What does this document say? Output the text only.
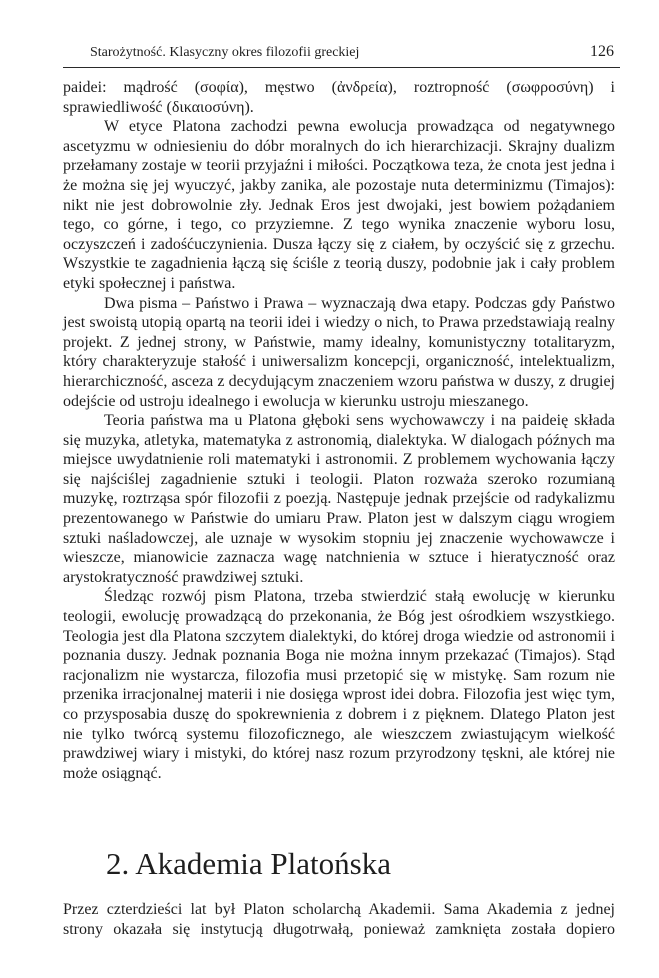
Starożytność. Klasyczny okres filozofii greckiej	126

paidei: mądrość (σοφία), męstwo (ἀνδρεία), roztropność (σωφροσύνη) i sprawiedliwość (δικαιοσύνη).

W etyce Platona zachodzi pewna ewolucja prowadząca od negatywnego ascetyzmu w odniesieniu do dóbr moralnych do ich hierarchizacji. Skrajny dualizm przełamany zostaje w teorii przyjaźni i miłości. Początkowa teza, że cnota jest jedna i że można się jej wyuczyć, jakby zanika, ale pozostaje nuta determinizmu (Timajos): nikt nie jest dobrowolnie zły. Jednak Eros jest dwojaki, jest bowiem pożądaniem tego, co górne, i tego, co przyziemne. Z tego wynika znaczenie wyboru losu, oczyszczeń i zadośćuczynienia. Dusza łączy się z ciałem, by oczyścić się z grzechu. Wszystkie te zagadnienia łączą się ściśle z teorią duszy, podobnie jak i cały problem etyki społecznej i państwa.

Dwa pisma – Państwo i Prawa – wyznaczają dwa etapy. Podczas gdy Państwo jest swoistą utopią opartą na teorii idei i wiedzy o nich, to Prawa przedstawiają realny projekt. Z jednej strony, w Państwie, mamy idealny, komunistyczny totalitaryzm, który charakteryzuje stałość i uniwersalizm koncepcji, organiczność, intelektualizm, hierarchiczność, asceza z decydującym znaczeniem wzoru państwa w duszy, z drugiej odejście od ustroju idealnego i ewolucja w kierunku ustroju mieszanego.

Teoria państwa ma u Platona głęboki sens wychowawczy i na paideię składa się muzyka, atletyka, matematyka z astronomią, dialektyka. W dialogach późnych ma miejsce uwydatnienie roli matematyki i astronomii. Z problemem wychowania łączy się najściślej zagadnienie sztuki i teologii. Platon rozważa szeroko rozumianą muzykę, roztrząsa spór filozofii z poezją. Następuje jednak przejście od radykalizmu prezentowanego w Państwie do umiaru Praw. Platon jest w dalszym ciągu wrogiem sztuki naśladowczej, ale uznaje w wysokim stopniu jej znaczenie wychowawcze i wieszcze, mianowicie zaznacza wagę natchnienia w sztuce i hieratyczność oraz arystokratyczność prawdziwej sztuki.

Śledząc rozwój pism Platona, trzeba stwierdzić stałą ewolucję w kierunku teologii, ewolucję prowadzącą do przekonania, że Bóg jest ośrodkiem wszystkiego. Teologia jest dla Platona szczytem dialektyki, do której droga wiedzie od astronomii i poznania duszy. Jednak poznania Boga nie można innym przekazać (Timajos). Stąd racjonalizm nie wystarcza, filozofia musi przetopić się w mistykę. Sam rozum nie przenika irracjonalnej materii i nie dosięga wprost idei dobra. Filozofia jest więc tym, co przysposabia duszę do spokrewnienia z dobrem i z pięknem. Dlatego Platon jest nie tylko twórcą systemu filozoficznego, ale wieszczem zwiastującym wielkość prawdziwej wiary i mistyki, do której nasz rozum przyrodzony tęskni, ale której nie może osiągnąć.

2. Akademia Platońska

Przez czterdzieści lat był Platon scholarchą Akademii. Sama Akademia z jednej strony okazała się instytucją długotrwałą, ponieważ zamknięta została dopiero
